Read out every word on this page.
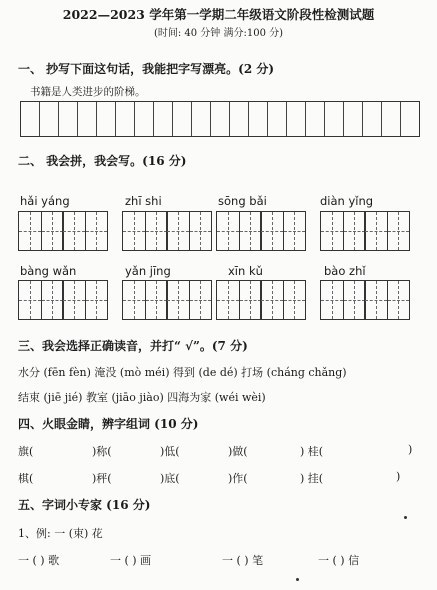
2022—2023 学年第一学期二年级语文阶段性检测试题
(时间: 40 分钟 满分:100 分)
一、 抄写下面这句话，我能把字写漂亮。(2 分)
书籍是人类进步的阶梯。
二、 我会拼，我会写。(16 分)
hǎi yáng	zhī shi	sōng bǎi	diàn yǐng
bàng wǎn	yǎn jīng	xīn kǔ	bào zhǐ
三、我会选择正确读音，并打“ √”。(7 分)
水分 (fēn fèn) 淹没 (mò méi) 得到 (de dé) 打场 (cháng chǎng)
结束 (jiē jié) 教室 (jiāo jiào) 四海为家 (wéi wèi)
四、火眼金睛，辨字组词 (10 分)
旗(	)称(	)低(	)做(	) 桂(	)
棋(	)秤(	)底(	)作(	) 挂(	)
五、字词小专家 (16 分)
1、例: 一 (束) 花
一 ( ) 歌	一 ( ) 画	一 ( ) 笔	一 ( ) 信
